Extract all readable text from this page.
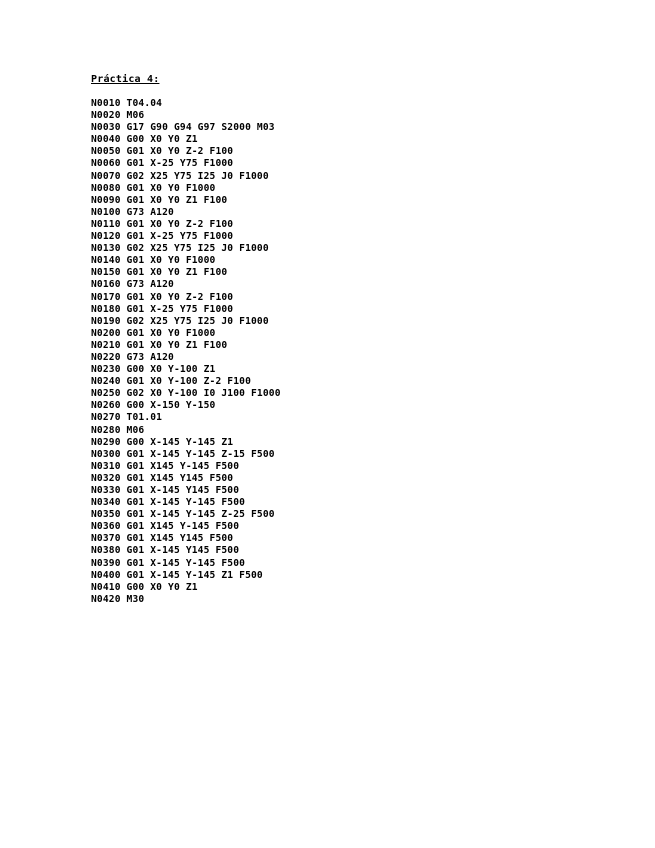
Práctica 4:
N0010 T04.04
N0020 M06
N0030 G17 G90 G94 G97 S2000 M03
N0040 G00 X0 Y0 Z1
N0050 G01 X0 Y0 Z-2 F100
N0060 G01 X-25 Y75 F1000
N0070 G02 X25 Y75 I25 J0 F1000
N0080 G01 X0 Y0 F1000
N0090 G01 X0 Y0 Z1 F100
N0100 G73 A120
N0110 G01 X0 Y0 Z-2 F100
N0120 G01 X-25 Y75 F1000
N0130 G02 X25 Y75 I25 J0 F1000
N0140 G01 X0 Y0 F1000
N0150 G01 X0 Y0 Z1 F100
N0160 G73 A120
N0170 G01 X0 Y0 Z-2 F100
N0180 G01 X-25 Y75 F1000
N0190 G02 X25 Y75 I25 J0 F1000
N0200 G01 X0 Y0 F1000
N0210 G01 X0 Y0 Z1 F100
N0220 G73 A120
N0230 G00 X0 Y-100 Z1
N0240 G01 X0 Y-100 Z-2 F100
N0250 G02 X0 Y-100 I0 J100 F1000
N0260 G00 X-150 Y-150
N0270 T01.01
N0280 M06
N0290 G00 X-145 Y-145 Z1
N0300 G01 X-145 Y-145 Z-15 F500
N0310 G01 X145 Y-145 F500
N0320 G01 X145 Y145 F500
N0330 G01 X-145 Y145 F500
N0340 G01 X-145 Y-145 F500
N0350 G01 X-145 Y-145 Z-25 F500
N0360 G01 X145 Y-145 F500
N0370 G01 X145 Y145 F500
N0380 G01 X-145 Y145 F500
N0390 G01 X-145 Y-145 F500
N0400 G01 X-145 Y-145 Z1 F500
N0410 G00 X0 Y0 Z1
N0420 M30
